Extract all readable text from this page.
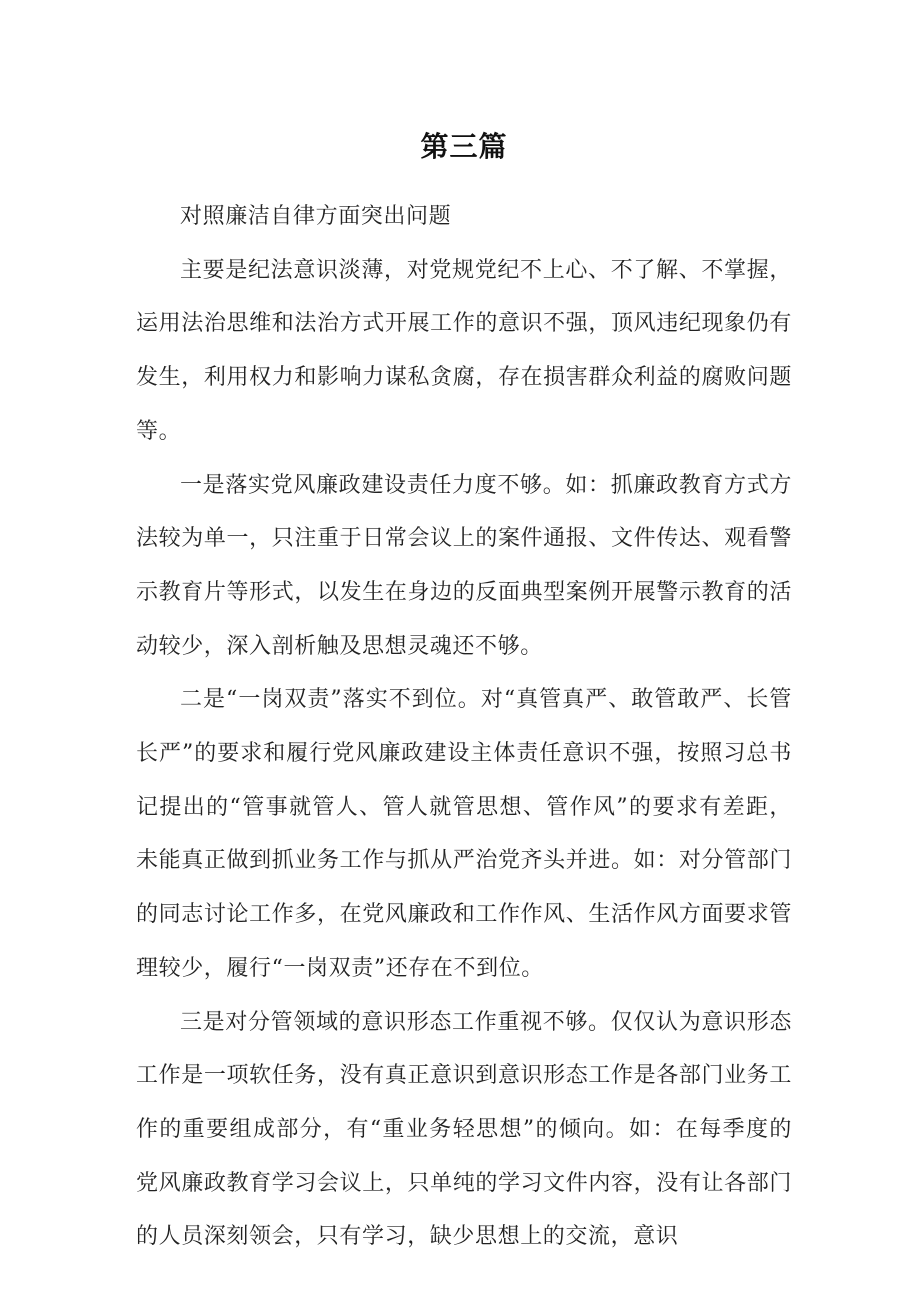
第三篇

对照廉洁自律方面突出问题

主要是纪法意识淡薄，对党规党纪不上心、不了解、不掌握，运用法治思维和法治方式开展工作的意识不强，顶风违纪现象仍有发生，利用权力和影响力谋私贪腐，存在损害群众利益的腐败问题等。

一是落实党风廉政建设责任力度不够。如：抓廉政教育方式方法较为单一，只注重于日常会议上的案件通报、文件传达、观看警示教育片等形式，以发生在身边的反面典型案例开展警示教育的活动较少，深入剖析触及思想灵魂还不够。

二是“一岗双责”落实不到位。对“真管真严、敢管敢严、长管长严”的要求和履行党风廉政建设主体责任意识不强，按照习总书记提出的“管事就管人、管人就管思想、管作风”的要求有差距，未能真正做到抓业务工作与抓从严治党齐头并进。如：对分管部门的同志讨论工作多，在党风廉政和工作作风、生活作风方面要求管理较少，履行“一岗双责”还存在不到位。

三是对分管领域的意识形态工作重视不够。仅仅认为意识形态工作是一项软任务，没有真正意识到意识形态工作是各部门业务工作的重要组成部分，有“重业务轻思想”的倾向。如：在每季度的党风廉政教育学习会议上，只单纯的学习文件内容，没有让各部门的人员深刻领会，只有学习，缺少思想上的交流，意识
